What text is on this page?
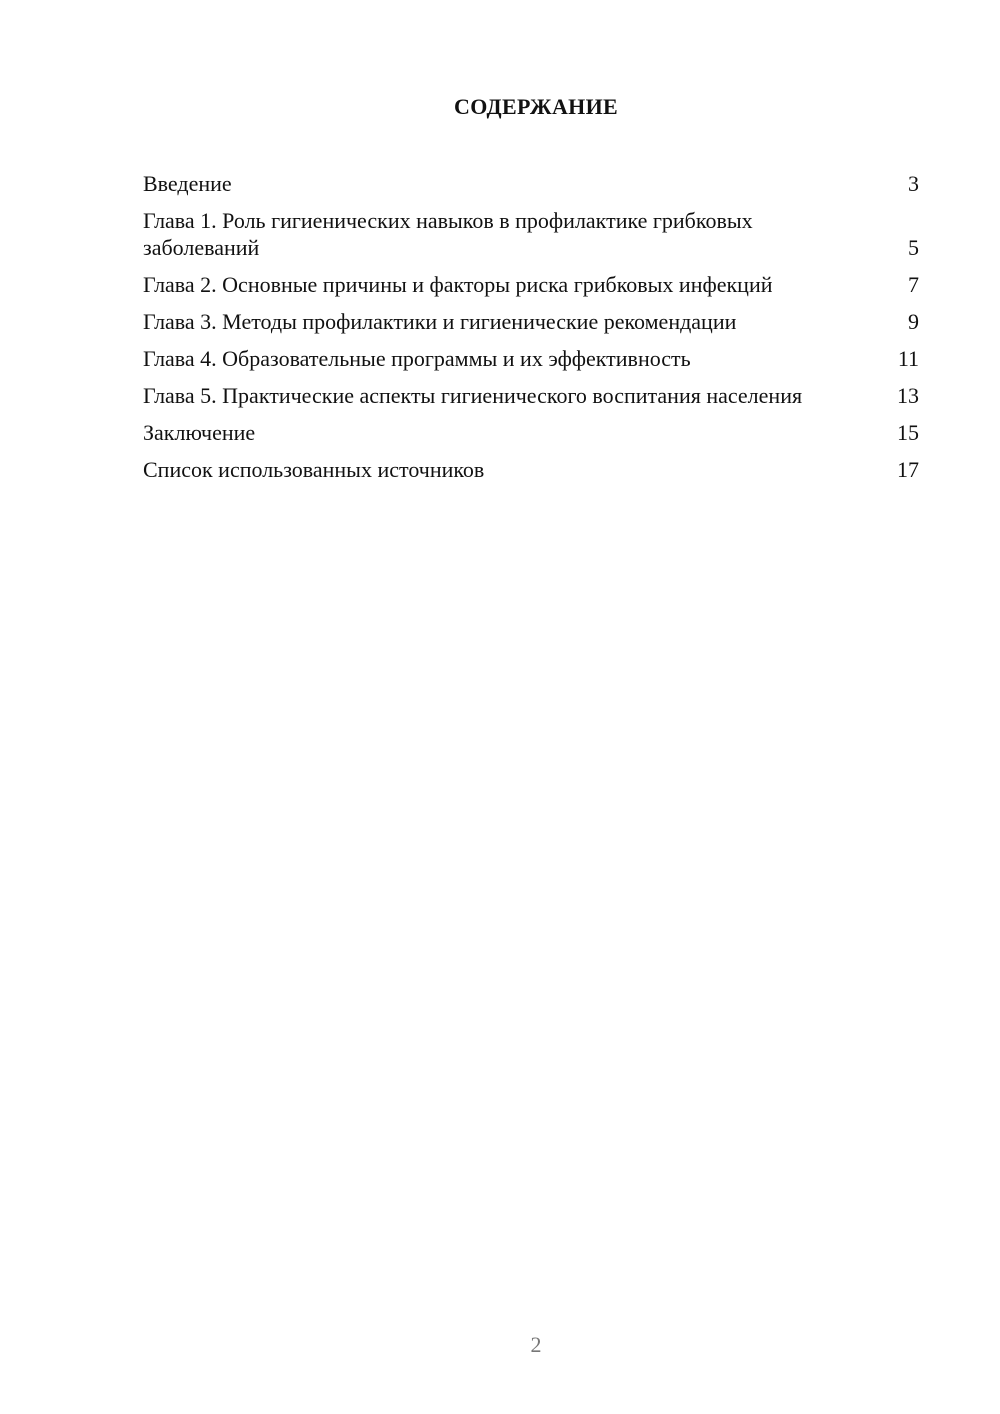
СОДЕРЖАНИЕ
Введение	3
Глава 1. Роль гигиенических навыков в профилактике грибковых заболеваний	5
Глава 2. Основные причины и факторы риска грибковых инфекций	7
Глава 3. Методы профилактики и гигиенические рекомендации	9
Глава 4. Образовательные программы и их эффективность	11
Глава 5. Практические аспекты гигиенического воспитания населения	13
Заключение	15
Список использованных источников	17
2
